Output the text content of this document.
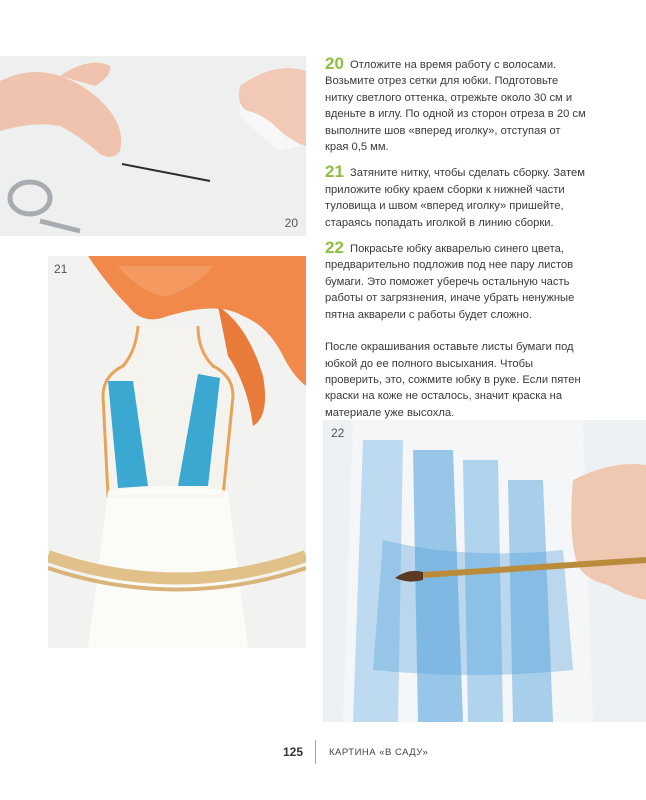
20
21
22

20 Отложите на время работу с волосами. Возьмите отрез сетки для юбки. Подготовьте нитку светлого оттенка, отрежьте около 30 см и вденьте в иглу. По одной из сторон отреза в 20 см выполните шов «вперед иголку», отступая от края 0,5 мм.

21 Затяните нитку, чтобы сделать сборку. Затем приложите юбку краем сборки к нижней части туловища и швом «вперед иголку» пришейте, стараясь попадать иголкой в линию сборки.

22 Покрасьте юбку акварелью синего цвета, предварительно подложив под нее пару листов бумаги. Это поможет уберечь остальную часть работы от загрязнения, иначе убрать ненужные пятна акварели с работы будет сложно.

После окрашивания оставьте листы бумаги под юбкой до ее полного высыхания. Чтобы проверить, это, сожмите юбку в руке. Если пятен краски на коже не осталось, значит краска на материале уже высохла.

125	КАРТИНА «В САДУ»
